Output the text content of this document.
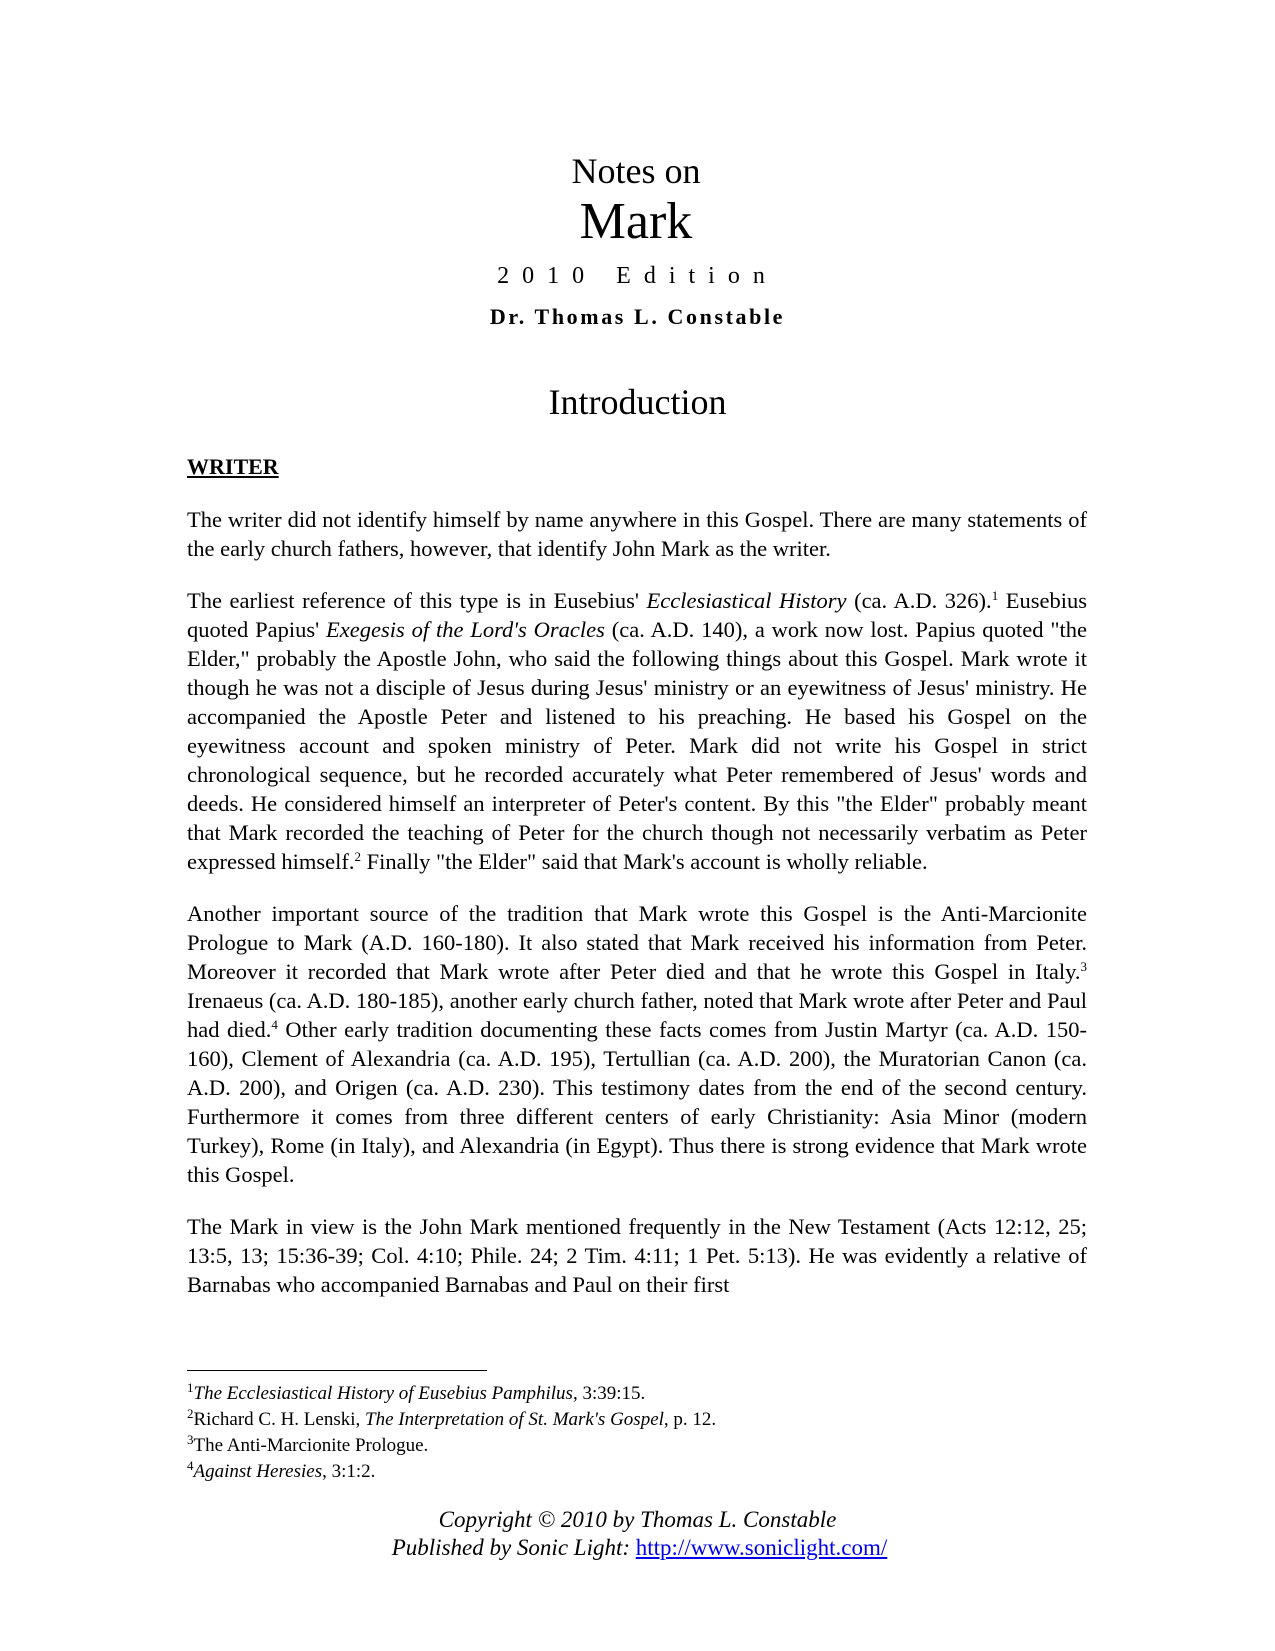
Notes on
Mark
2010 Edition
Dr. Thomas L. Constable
Introduction
WRITER

The writer did not identify himself by name anywhere in this Gospel. There are many statements of the early church fathers, however, that identify John Mark as the writer.

The earliest reference of this type is in Eusebius' Ecclesiastical History (ca. A.D. 326).$^1$ Eusebius quoted Papius' Exegesis of the Lord's Oracles (ca. A.D. 140), a work now lost. Papius quoted "the Elder," probably the Apostle John, who said the following things about this Gospel. Mark wrote it though he was not a disciple of Jesus during Jesus' ministry or an eyewitness of Jesus' ministry. He accompanied the Apostle Peter and listened to his preaching. He based his Gospel on the eyewitness account and spoken ministry of Peter. Mark did not write his Gospel in strict chronological sequence, but he recorded accurately what Peter remembered of Jesus' words and deeds. He considered himself an interpreter of Peter's content. By this "the Elder" probably meant that Mark recorded the teaching of Peter for the church though not necessarily verbatim as Peter expressed himself.$^2$ Finally "the Elder" said that Mark's account is wholly reliable.

Another important source of the tradition that Mark wrote this Gospel is the Anti-Marcionite Prologue to Mark (A.D. 160-180). It also stated that Mark received his information from Peter. Moreover it recorded that Mark wrote after Peter died and that he wrote this Gospel in Italy.$^3$ Irenaeus (ca. A.D. 180-185), another early church father, noted that Mark wrote after Peter and Paul had died.$^4$ Other early tradition documenting these facts comes from Justin Martyr (ca. A.D. 150-160), Clement of Alexandria (ca. A.D. 195), Tertullian (ca. A.D. 200), the Muratorian Canon (ca. A.D. 200), and Origen (ca. A.D. 230). This testimony dates from the end of the second century. Furthermore it comes from three different centers of early Christianity: Asia Minor (modern Turkey), Rome (in Italy), and Alexandria (in Egypt). Thus there is strong evidence that Mark wrote this Gospel.

The Mark in view is the John Mark mentioned frequently in the New Testament (Acts 12:12, 25; 13:5, 13; 15:36-39; Col. 4:10; Phile. 24; 2 Tim. 4:11; 1 Pet. 5:13). He was evidently a relative of Barnabas who accompanied Barnabas and Paul on their first

$^1$The Ecclesiastical History of Eusebius Pamphilus, 3:39:15.

$^2$Richard C. H. Lenski, The Interpretation of St. Mark's Gospel, p. 12.

$^3$The Anti-Marcionite Prologue.

$^4$Against Heresies, 3:1:2.

Copyright © 2010 by Thomas L. Constable
Published by Sonic Light: http://www.soniclight.com/
